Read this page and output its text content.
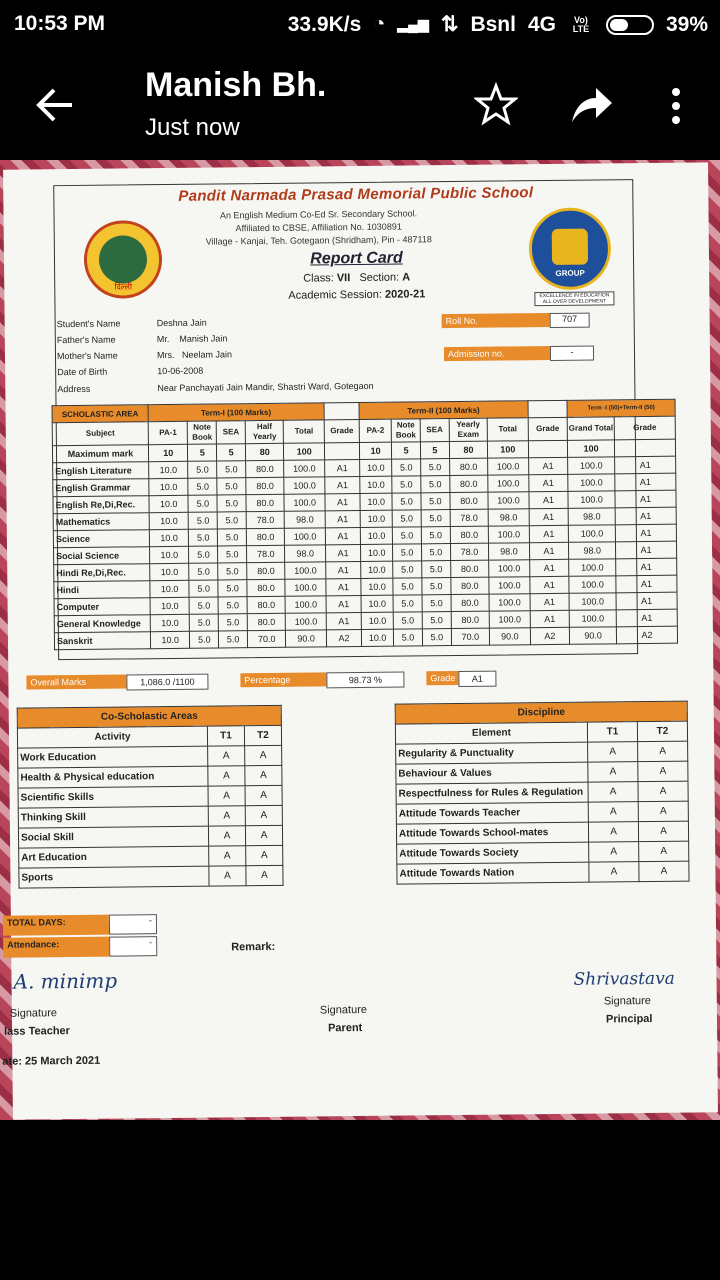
10:53 PM	33.9K/s ◔ ▂▄▆ ⇅ Bsnl 4G	Vo) LTE	39%
Manish Bh.
Just now
Pandit Narmada Prasad Memorial Public School
An English Medium Co-Ed Sr. Secondary School.
Affiliated to CBSE, Affiliation No. 1030891
Village - Kanjai, Teh. Gotegaon (Shridham), Pin - 487118
दिल्ली
GROUP
EXCELLENCE IN EDUCATION ALL OVER DEVELOPMENT
Report Card
Class: VII Section: A
Academic Session: 2020-21
Student's Name	Deshna Jain
Father's Name	Mr. Manish Jain
Mother's Name	Mrs. Neelam Jain
Date of Birth	10-06-2008
Address	Near Panchayati Jain Mandir, Shastri Ward, Gotegaon
Roll No.	707
Admission no.	-
SCHOLASTIC AREA	Term-I (100 Marks)						Term-II (100 Marks)						Term -I (50)+Term-II (50)	
Subject	PA-1	Note Book	SEA	Half Yearly	Total	Grade	PA-2	Note Book	SEA	Yearly Exam	Total	Grade	Grand Total	Grade
Maximum mark	10	5	5	80	100		10	5	5	80	100		100	
English Literature	10.0	5.0	5.0	80.0	100.0	A1	10.0	5.0	5.0	80.0	100.0	A1	100.0	A1
English Grammar	10.0	5.0	5.0	80.0	100.0	A1	10.0	5.0	5.0	80.0	100.0	A1	100.0	A1
English Re,Di,Rec.	10.0	5.0	5.0	80.0	100.0	A1	10.0	5.0	5.0	80.0	100.0	A1	100.0	A1
Mathematics	10.0	5.0	5.0	78.0	98.0	A1	10.0	5.0	5.0	78.0	98.0	A1	98.0	A1
Science	10.0	5.0	5.0	80.0	100.0	A1	10.0	5.0	5.0	80.0	100.0	A1	100.0	A1
Social Science	10.0	5.0	5.0	78.0	98.0	A1	10.0	5.0	5.0	78.0	98.0	A1	98.0	A1
Hindi Re,Di,Rec.	10.0	5.0	5.0	80.0	100.0	A1	10.0	5.0	5.0	80.0	100.0	A1	100.0	A1
Hindi	10.0	5.0	5.0	80.0	100.0	A1	10.0	5.0	5.0	80.0	100.0	A1	100.0	A1
Computer	10.0	5.0	5.0	80.0	100.0	A1	10.0	5.0	5.0	80.0	100.0	A1	100.0	A1
General Knowledge	10.0	5.0	5.0	80.0	100.0	A1	10.0	5.0	5.0	80.0	100.0	A1	100.0	A1
Sanskrit	10.0	5.0	5.0	70.0	90.0	A2	10.0	5.0	5.0	70.0	90.0	A2	90.0	A2
Overall Marks	1,086.0 /1100	Percentage	98.73 %	Grade	A1
Co-Scholastic Areas		
Activity	T1	T2
Work Education	A	A
Health & Physical education	A	A
Scientific Skills	A	A
Thinking Skill	A	A
Social Skill	A	A
Art Education	A	A
Sports	A	A
Discipline		
Element	T1	T2
Regularity & Punctuality	A	A
Behaviour & Values	A	A
Respectfulness for Rules & Regulation	A	A
Attitude Towards Teacher	A	A
Attitude Towards School-mates	A	A
Attitude Towards Society	A	A
Attitude Towards Nation	A	A
TOTAL DAYS:	-
Attendance:	-	Remark:
A. minimp
Signature
lass Teacher
Signature
Parent
Shrivastava
Signature
Principal
ate: 25 March 2021
